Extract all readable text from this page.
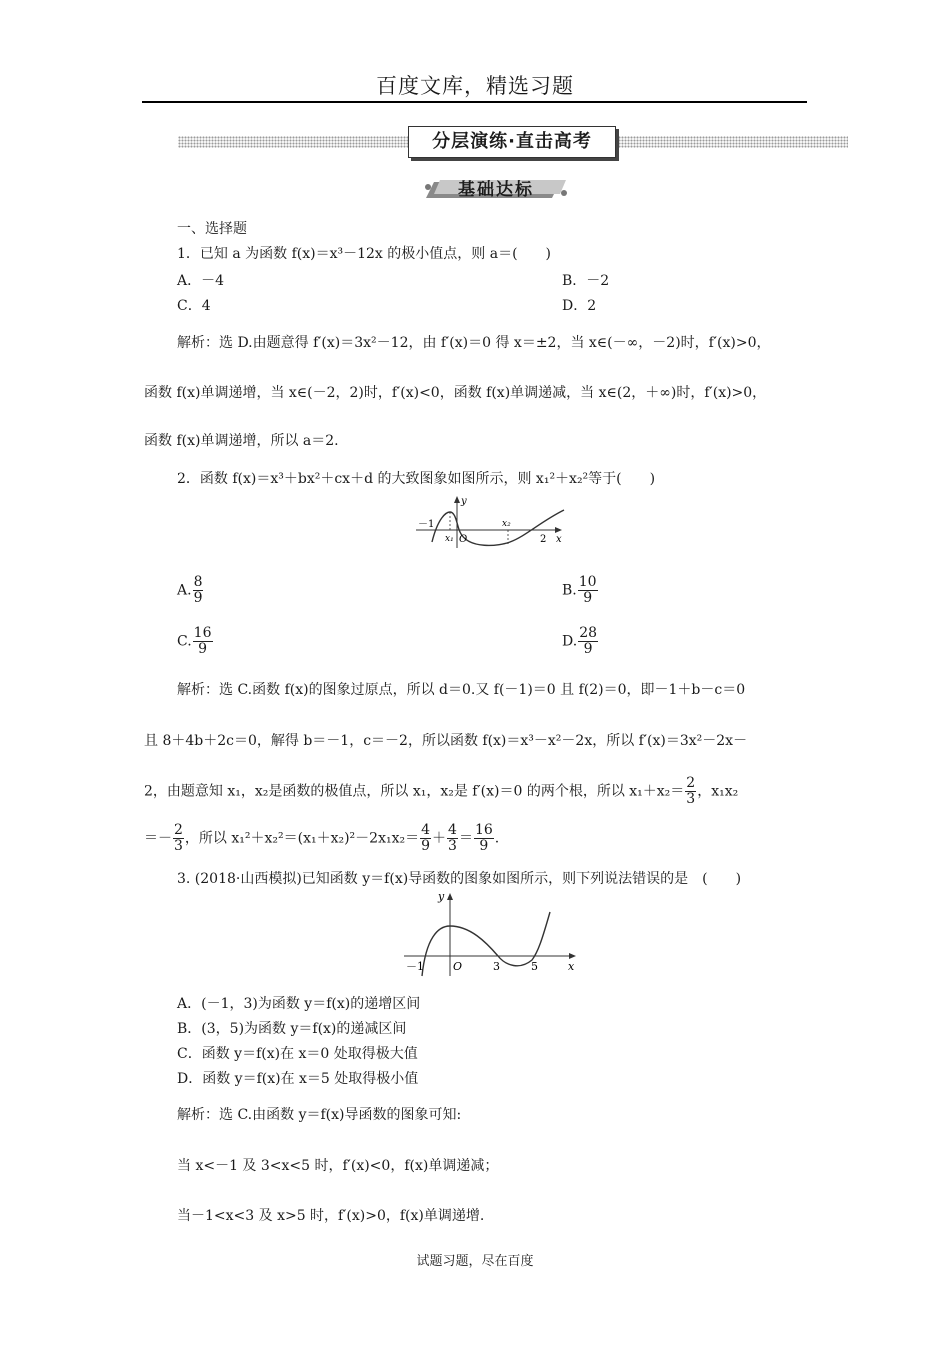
百度文库，精选习题
分层演练·直击高考
基础达标
一、选择题
1．已知 a 为函数 f(x)＝x³－12x 的极小值点，则 a＝(　　)
A．－4	B．－2
C．4	D．2
解析：选 D.由题意得 f′(x)＝3x²－12，由 f′(x)＝0 得 x＝±2，当 x∈(－∞，－2)时，f′(x)>0，
函数 f(x)单调递增，当 x∈(－2，2)时，f′(x)<0，函数 f(x)单调递减，当 x∈(2，＋∞)时，f′(x)>0，
函数 f(x)单调递增，所以 a＝2.
2．函数 f(x)＝x³＋bx²＋cx＋d 的大致图象如图所示，则 x₁²＋x₂²等于(　　)
－1
x₁ O
x₂
2 x
y
A. $\frac{8}{9}$	B. $\frac{10}{9}$
C. $\frac{16}{9}$	D. $\frac{28}{9}$
解析：选 C.函数 f(x)的图象过原点，所以 d＝0.又 f(－1)＝0 且 f(2)＝0，即－1＋b－c＝0
且 8＋4b＋2c＝0，解得 b＝－1，c＝－2，所以函数 f(x)＝x³－x²－2x，所以 f′(x)＝3x²－2x－
2，由题意知 x₁，x₂是函数的极值点，所以 x₁，x₂是 f′(x)＝0 的两个根，所以 $x_1+x_2= \frac{2}{3}$ ，x₁x₂
＝－ $\frac{2}{3}$ ，所以 $x_1^2+x_2^2=(x_1+x_2)^2-2x_1x_2= \frac{4}{9} + \frac{4}{3} = \frac{16}{9}$ .
3. (2018·山西模拟)已知函数 y＝f(x)导函数的图象如图所示，则下列说法错误的是　(　　)
－1	O	3	5	x
y
A．(－1，3)为函数 y＝f(x)的递增区间
B．(3，5)为函数 y＝f(x)的递减区间
C．函数 y＝f(x)在 x＝0 处取得极大值
D．函数 y＝f(x)在 x＝5 处取得极小值
解析：选 C.由函数 y＝f(x)导函数的图象可知:
当 x<－1 及 3<x<5 时，f′(x)<0，f(x)单调递减；
当－1<x<3 及 x>5 时，f′(x)>0，f(x)单调递增.
试题习题，尽在百度
